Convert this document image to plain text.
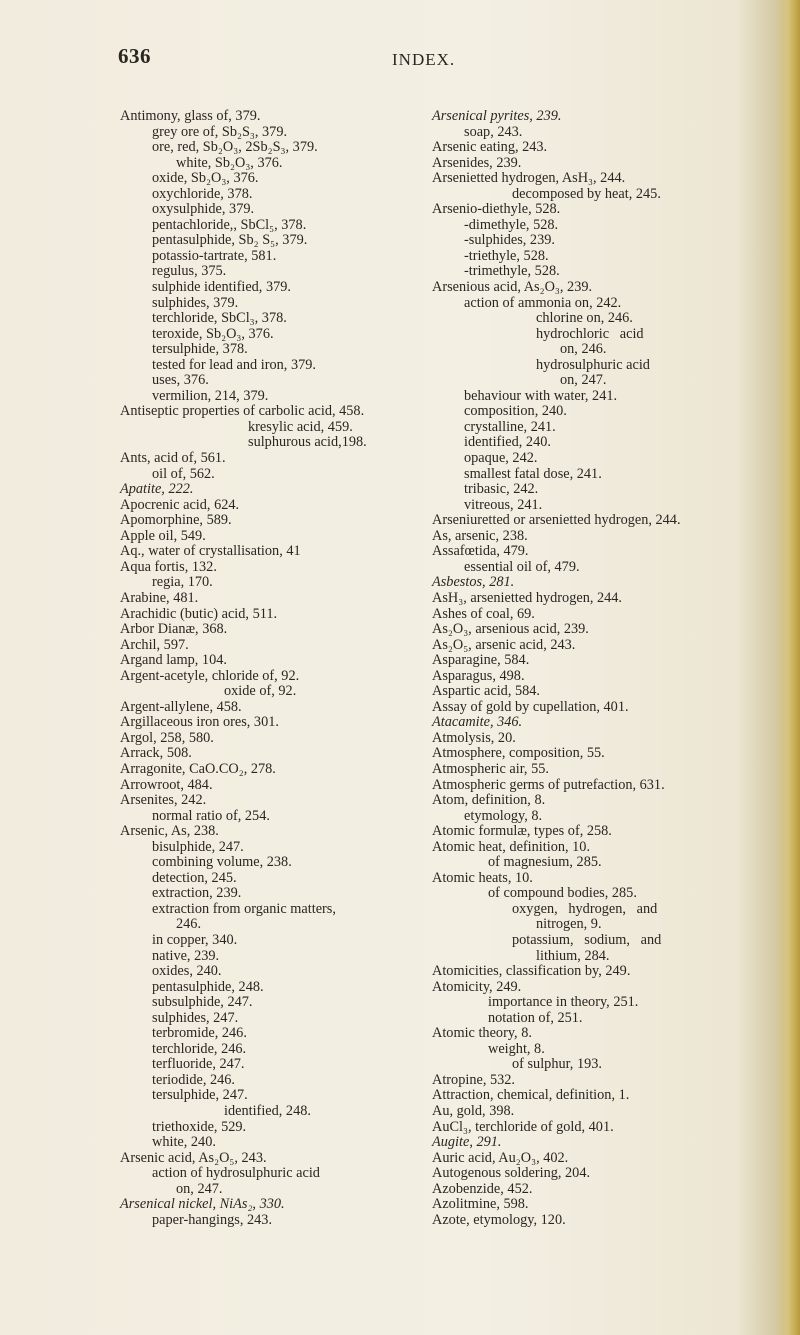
636	INDEX.
Antimony, glass of, 379.
grey ore of, Sb₂S₃, 379.
ore, red, Sb₂O₃, 2Sb₂S₃, 379.
white, Sb₂O₃, 376.
oxide, Sb₂O₃, 376.
oxychloride, 378.
oxysulphide, 379.
pentachloride,, SbCl₅, 378.
pentasulphide, Sb₂ S₅, 379.
potassio-tartrate, 581.
regulus, 375.
sulphide identified, 379.
sulphides, 379.
terchloride, SbCl₃, 378.
teroxide, Sb₂O₃, 376.
tersulphide, 378.
tested for lead and iron, 379.
uses, 376.
vermilion, 214, 379.
Antiseptic properties of carbolic acid, 458.
kresylic acid, 459.
sulphurous acid,198.
Ants, acid of, 561.
oil of, 562.
Apatite, 222.
Apocrenic acid, 624.
Apomorphine, 589.
Apple oil, 549.
Aq., water of crystallisation, 41
Aqua fortis, 132.
regia, 170.
Arabine, 481.
Arachidic (butic) acid, 511.
Arbor Dianæ, 368.
Archil, 597.
Argand lamp, 104.
Argent-acetyle, chloride of, 92.
oxide of, 92.
Argent-allylene, 458.
Argillaceous iron ores, 301.
Argol, 258, 580.
Arrack, 508.
Arragonite, CaO.CO₂, 278.
Arrowroot, 484.
Arsenites, 242.
normal ratio of, 254.
Arsenic, As, 238.
bisulphide, 247.
combining volume, 238.
detection, 245.
extraction, 239.
extraction from organic matters,
246.
in copper, 340.
native, 239.
oxides, 240.
pentasulphide, 248.
subsulphide, 247.
sulphides, 247.
terbromide, 246.
terchloride, 246.
terfluoride, 247.
teriodide, 246.
tersulphide, 247.
identified, 248.
triethoxide, 529.
white, 240.
Arsenic acid, As₂O₅, 243.
action of hydrosulphuric acid
on, 247.
Arsenical nickel, NiAs₂, 330.
paper-hangings, 243.
Arsenical pyrites, 239.
soap, 243.
Arsenic eating, 243.
Arsenides, 239.
Arsenietted hydrogen, AsH₃, 244.
decomposed by heat, 245.
Arsenio-diethyle, 528.
-dimethyle, 528.
-sulphides, 239.
-triethyle, 528.
-trimethyle, 528.
Arsenious acid, As₂O₃, 239.
action of ammonia on, 242.
chlorine on, 246.
hydrochloric   acid
on, 246.
hydrosulphuric acid
on, 247.
behaviour with water, 241.
composition, 240.
crystalline, 241.
identified, 240.
opaque, 242.
smallest fatal dose, 241.
tribasic, 242.
vitreous, 241.
Arseniuretted or arsenietted hydrogen, 244.
As, arsenic, 238.
Assafœtida, 479.
essential oil of, 479.
Asbestos, 281.
AsH₃, arsenietted hydrogen, 244.
Ashes of coal, 69.
As₂O₃, arsenious acid, 239.
As₂O₅, arsenic acid, 243.
Asparagine, 584.
Asparagus, 498.
Aspartic acid, 584.
Assay of gold by cupellation, 401.
Atacamite, 346.
Atmolysis, 20.
Atmosphere, composition, 55.
Atmospheric air, 55.
Atmospheric germs of putrefaction, 631.
Atom, definition, 8.
etymology, 8.
Atomic formulæ, types of, 258.
Atomic heat, definition, 10.
of magnesium, 285.
Atomic heats, 10.
of compound bodies, 285.
oxygen,   hydrogen,   and
nitrogen, 9.
potassium,   sodium,   and
lithium, 284.
Atomicities, classification by, 249.
Atomicity, 249.
importance in theory, 251.
notation of, 251.
Atomic theory, 8.
weight, 8.
of sulphur, 193.
Atropine, 532.
Attraction, chemical, definition, 1.
Au, gold, 398.
AuCl₃, terchloride of gold, 401.
Augite, 291.
Auric acid, Au₂O₃, 402.
Autogenous soldering, 204.
Azobenzide, 452.
Azolitmine, 598.
Azote, etymology, 120.
